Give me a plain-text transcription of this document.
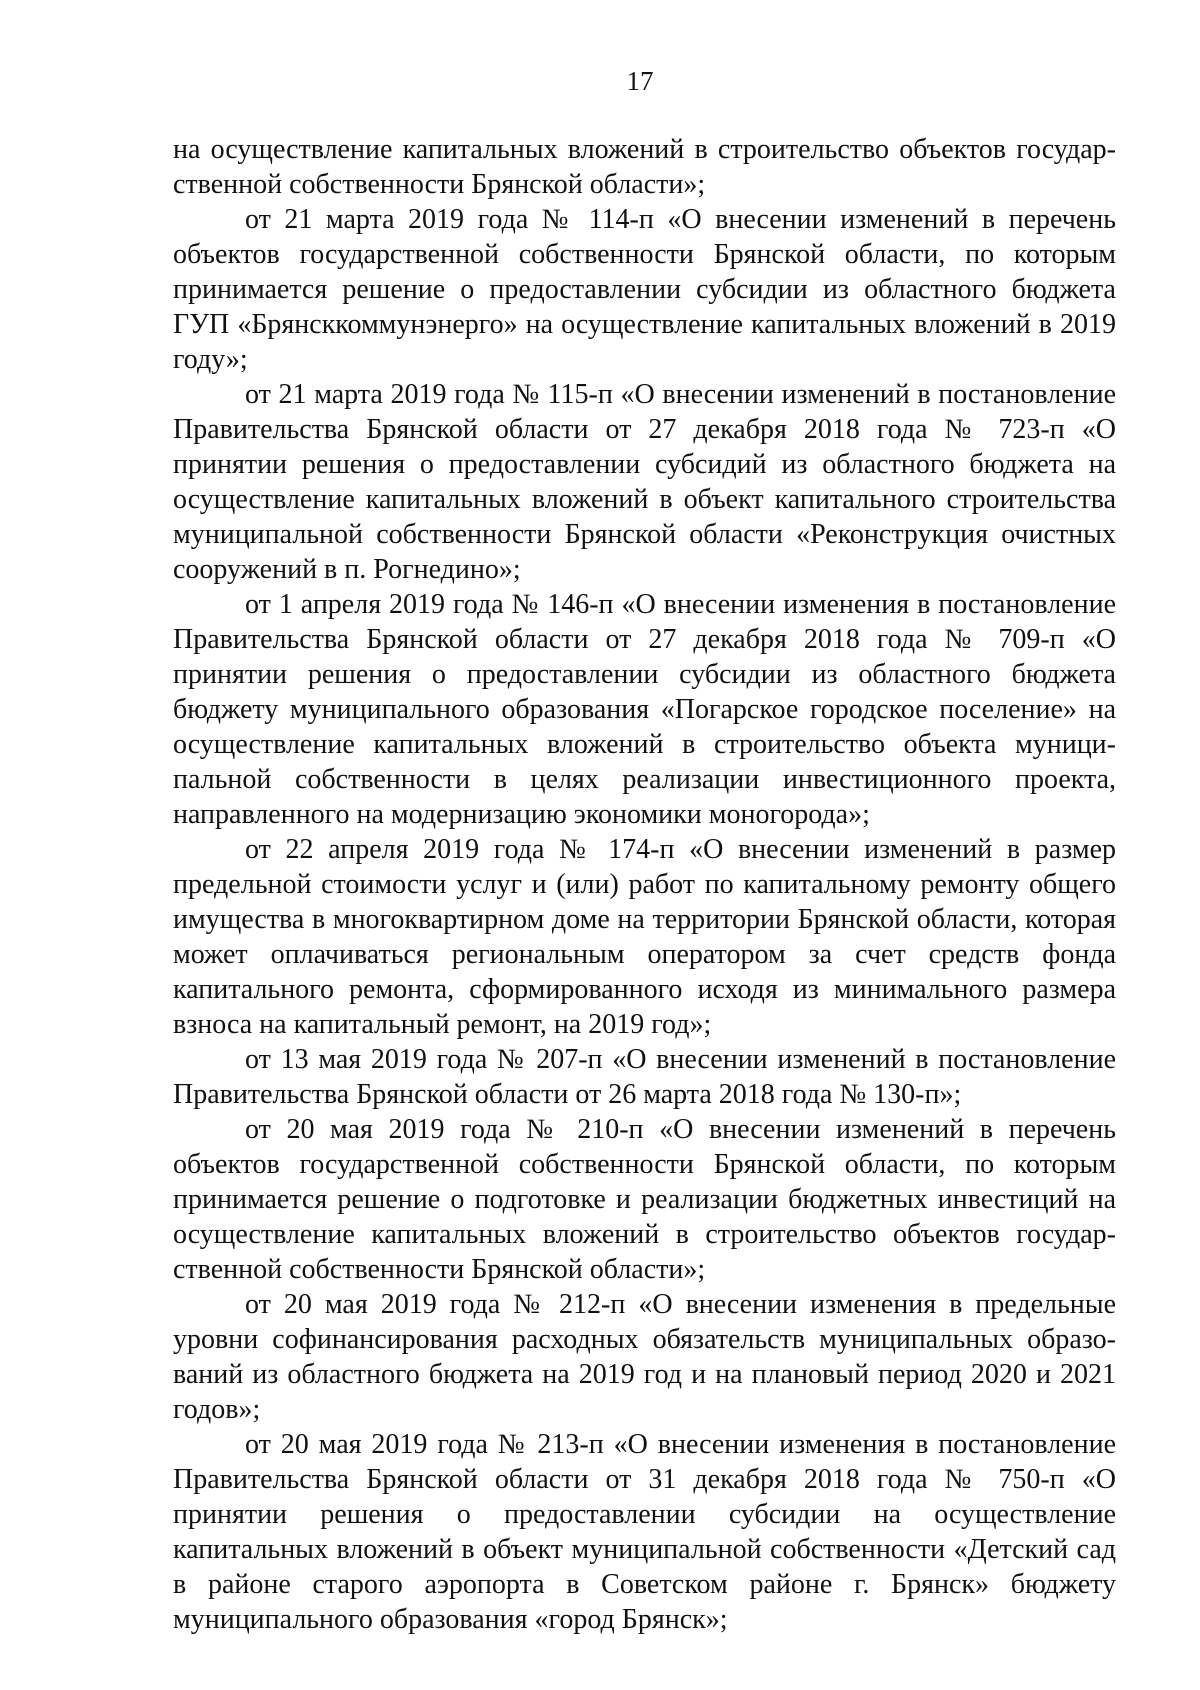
17

на осуществление капитальных вложений в строительство объектов государственной собственности Брянской области»;

от 21 марта 2019 года № 114-п «О внесении изменений в перечень объектов государственной собственности Брянской области, по которым принимается решение о предоставлении субсидии из областного бюджета ГУП «Брянсккоммунэнерго» на осуществление капитальных вложений в 2019 году»;

от 21 марта 2019 года № 115-п «О внесении изменений в постановление Правительства Брянской области от 27 декабря 2018 года № 723-п «О принятии решения о предоставлении субсидий из областного бюджета на осуществление капитальных вложений в объект капитального строительства муниципальной собственности Брянской области «Реконструкция очистных сооружений в п. Рогнедино»;

от 1 апреля 2019 года № 146-п «О внесении изменения в постановление Правительства Брянской области от 27 декабря 2018 года № 709-п «О принятии решения о предоставлении субсидии из областного бюджета бюджету муниципального образования «Погарское городское поселение» на осуществление капитальных вложений в строительство объекта муниципальной собственности в целях реализации инвестиционного проекта, направленного на модернизацию экономики моногорода»;

от 22 апреля 2019 года № 174-п «О внесении изменений в размер предельной стоимости услуг и (или) работ по капитальному ремонту общего имущества в многоквартирном доме на территории Брянской области, которая может оплачиваться региональным оператором за счет средств фонда капитального ремонта, сформированного исходя из минимального размера взноса на капитальный ремонт, на 2019 год»;

от 13 мая 2019 года № 207-п «О внесении изменений в постановление Правительства Брянской области от 26 марта 2018 года № 130-п»;

от 20 мая 2019 года № 210-п «О внесении изменений в перечень объектов государственной собственности Брянской области, по которым принимается решение о подготовке и реализации бюджетных инвестиций на осуществление капитальных вложений в строительство объектов государственной собственности Брянской области»;

от 20 мая 2019 года № 212-п «О внесении изменения в предельные уровни софинансирования расходных обязательств муниципальных образований из областного бюджета на 2019 год и на плановый период 2020 и 2021 годов»;

от 20 мая 2019 года № 213-п «О внесении изменения в постановление Правительства Брянской области от 31 декабря 2018 года № 750-п «О принятии решения о предоставлении субсидии на осуществление капитальных вложений в объект муниципальной собственности «Детский сад в районе старого аэропорта в Советском районе г. Брянск» бюджету муниципального образования «город Брянск»;
